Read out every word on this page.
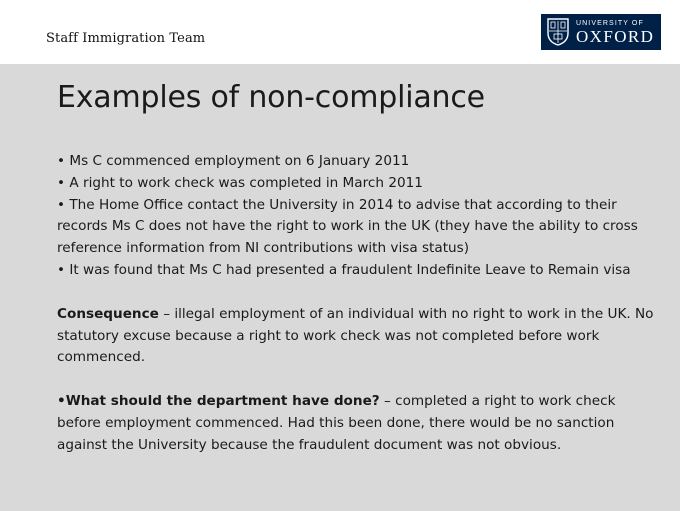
Staff Immigration Team
UNIVERSITY OF
OXFORD
Examples of non-compliance
• Ms C commenced employment on 6 January 2011
• A right to work check was completed in March 2011
• The Home Office contact the University in 2014 to advise that according to their records Ms C does not have the right to work in the UK (they have the ability to cross reference information from NI contributions with visa status)
• It was found that Ms C had presented a fraudulent Indefinite Leave to Remain visa

Consequence – illegal employment of an individual with no right to work in the UK. No statutory excuse because a right to work check was not completed before work commenced.

•What should the department have done? – completed a right to work check before employment commenced. Had this been done, there would be no sanction against the University because the fraudulent document was not obvious.
